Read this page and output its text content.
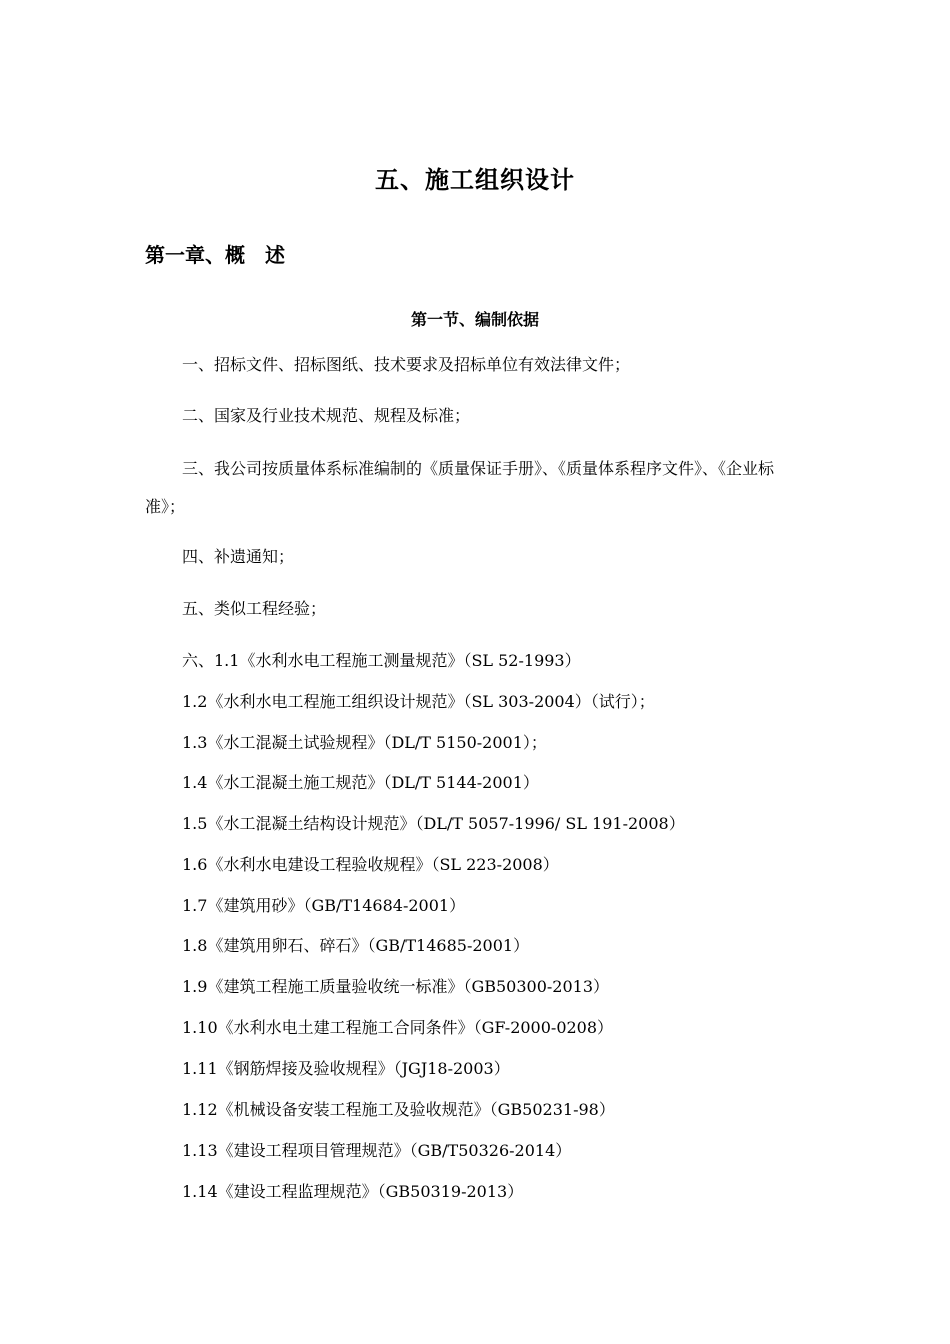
五、施工组织设计
第一章、概　述
第一节、编制依据
一、招标文件、招标图纸、技术要求及招标单位有效法律文件；
二、国家及行业技术规范、规程及标准；
三、我公司按质量体系标准编制的《质量保证手册》、《质量体系程序文件》、《企业标准》；
四、补遗通知；
五、类似工程经验；
六、1.1《水利水电工程施工测量规范》（SL 52-1993）
1.2《水利水电工程施工组织设计规范》（SL 303-2004）（试行）；
1.3《水工混凝土试验规程》（DL/T 5150-2001）；
1.4《水工混凝土施工规范》（DL/T 5144-2001）
1.5《水工混凝土结构设计规范》（DL/T 5057-1996/ SL 191-2008）
1.6《水利水电建设工程验收规程》（SL 223-2008）
1.7《建筑用砂》（GB/T14684-2001）
1.8《建筑用卵石、碎石》（GB/T14685-2001）
1.9《建筑工程施工质量验收统一标准》（GB50300-2013）
1.10《水利水电土建工程施工合同条件》（GF-2000-0208）
1.11《钢筋焊接及验收规程》（JGJ18-2003）
1.12《机械设备安装工程施工及验收规范》（GB50231-98）
1.13《建设工程项目管理规范》（GB/T50326-2014）
1.14《建设工程监理规范》（GB50319-2013）
